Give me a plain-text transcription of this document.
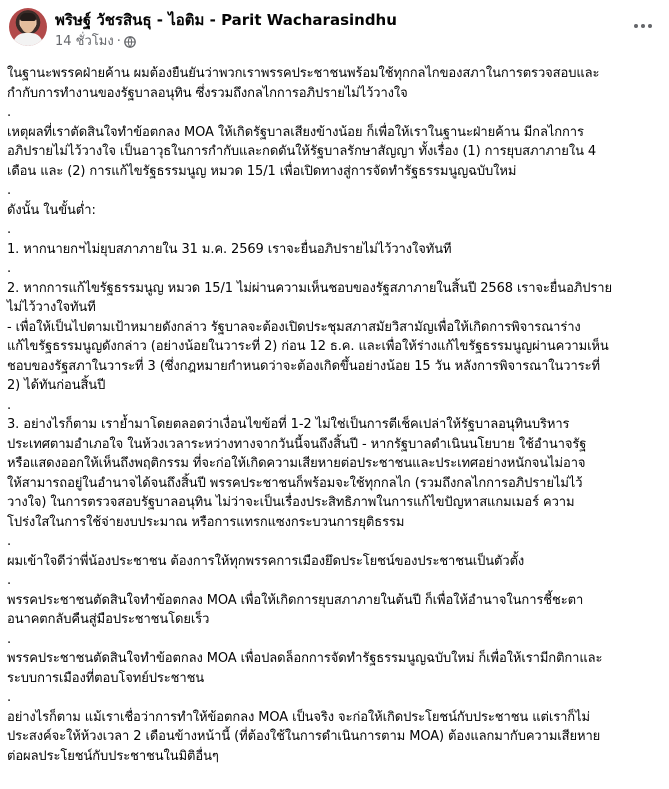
พริษฐ์ วัชรสินธุ - ไอติม - Parit Wacharasindhu
14 ชั่วโมง ·

ในฐานะพรรคฝ่ายค้าน ผมต้องยืนยันว่าพวกเราพรรคประชาชนพร้อมใช้ทุกกลไกของสภาในการตรวจสอบและ
กำกับการทำงานของรัฐบาลอนุทิน ซึ่งรวมถึงกลไกการอภิปรายไม่ไว้วางใจ

.
เหตุผลที่เราตัดสินใจทำข้อตกลง MOA ให้เกิดรัฐบาลเสียงข้างน้อย ก็เพื่อให้เราในฐานะฝ่ายค้าน มีกลไกการ
อภิปรายไม่ไว้วางใจ เป็นอาวุธในการกำกับและกดดันให้รัฐบาลรักษาสัญญา ทั้งเรื่อง (1) การยุบสภาภายใน 4
เดือน และ (2) การแก้ไขรัฐธรรมนูญ หมวด 15/1 เพื่อเปิดทางสู่การจัดทำรัฐธรรมนูญฉบับใหม่

.
ดังนั้น ในขั้นต่ำ:

.
1. หากนายกฯไม่ยุบสภาภายใน 31 ม.ค. 2569 เราจะยื่นอภิปรายไม่ไว้วางใจทันที

.
2. หากการแก้ไขรัฐธรรมนูญ หมวด 15/1 ไม่ผ่านความเห็นชอบของรัฐสภาภายในสิ้นปี 2568 เราจะยื่นอภิปราย
ไม่ไว้วางใจทันที
- เพื่อให้เป็นไปตามเป้าหมายดังกล่าว รัฐบาลจะต้องเปิดประชุมสภาสมัยวิสามัญเพื่อให้เกิดการพิจารณาร่าง
แก้ไขรัฐธรรมนูญดังกล่าว (อย่างน้อยในวาระที่ 2) ก่อน 12 ธ.ค. และเพื่อให้ร่างแก้ไขรัฐธรรมนูญผ่านความเห็น
ชอบของรัฐสภาในวาระที่ 3 (ซึ่งกฎหมายกำหนดว่าจะต้องเกิดขึ้นอย่างน้อย 15 วัน หลังการพิจารณาในวาระที่
2) ได้ทันก่อนสิ้นปี

.
3. อย่างไรก็ตาม เราย้ำมาโดยตลอดว่าเงื่อนไขข้อที่ 1-2 ไม่ใช่เป็นการตีเช็คเปล่าให้รัฐบาลอนุทินบริหาร
ประเทศตามอำเภอใจ ในห้วงเวลาระหว่างทางจากวันนี้จนถึงสิ้นปี - หากรัฐบาลดำเนินนโยบาย ใช้อำนาจรัฐ
หรือแสดงออกให้เห็นถึงพฤติกรรม ที่จะก่อให้เกิดความเสียหายต่อประชาชนและประเทศอย่างหนักจนไม่อาจ
ให้สามารถอยู่ในอำนาจได้จนถึงสิ้นปี พรรคประชาชนก็พร้อมจะใช้ทุกกลไก (รวมถึงกลไกการอภิปรายไม่ไว้
วางใจ) ในการตรวจสอบรัฐบาลอนุทิน ไม่ว่าจะเป็นเรื่องประสิทธิภาพในการแก้ไขปัญหาสแกมเมอร์ ความ
โปร่งใสในการใช้จ่ายงบประมาณ หรือการแทรกแซงกระบวนการยุติธรรม

.
ผมเข้าใจดีว่าพี่น้องประชาชน ต้องการให้ทุกพรรคการเมืองยึดประโยชน์ของประชาชนเป็นตัวตั้ง

.
พรรคประชาชนตัดสินใจทำข้อตกลง MOA เพื่อให้เกิดการยุบสภาภายในต้นปี ก็เพื่อให้อำนาจในการชี้ชะตา
อนาคตกลับคืนสู่มือประชาชนโดยเร็ว

.
พรรคประชาชนตัดสินใจทำข้อตกลง MOA เพื่อปลดล็อกการจัดทำรัฐธรรมนูญฉบับใหม่ ก็เพื่อให้เรามีกติกาและ
ระบบการเมืองที่ตอบโจทย์ประชาชน

.
อย่างไรก็ตาม แม้เราเชื่อว่าการทำให้ข้อตกลง MOA เป็นจริง จะก่อให้เกิดประโยชน์กับประชาชน แต่เราก็ไม่
ประสงค์จะให้ห้วงเวลา 2 เดือนข้างหน้านี้ (ที่ต้องใช้ในการดำเนินการตาม MOA) ต้องแลกมากับความเสียหาย
ต่อผลประโยชน์กับประชาชนในมิติอื่นๆ
